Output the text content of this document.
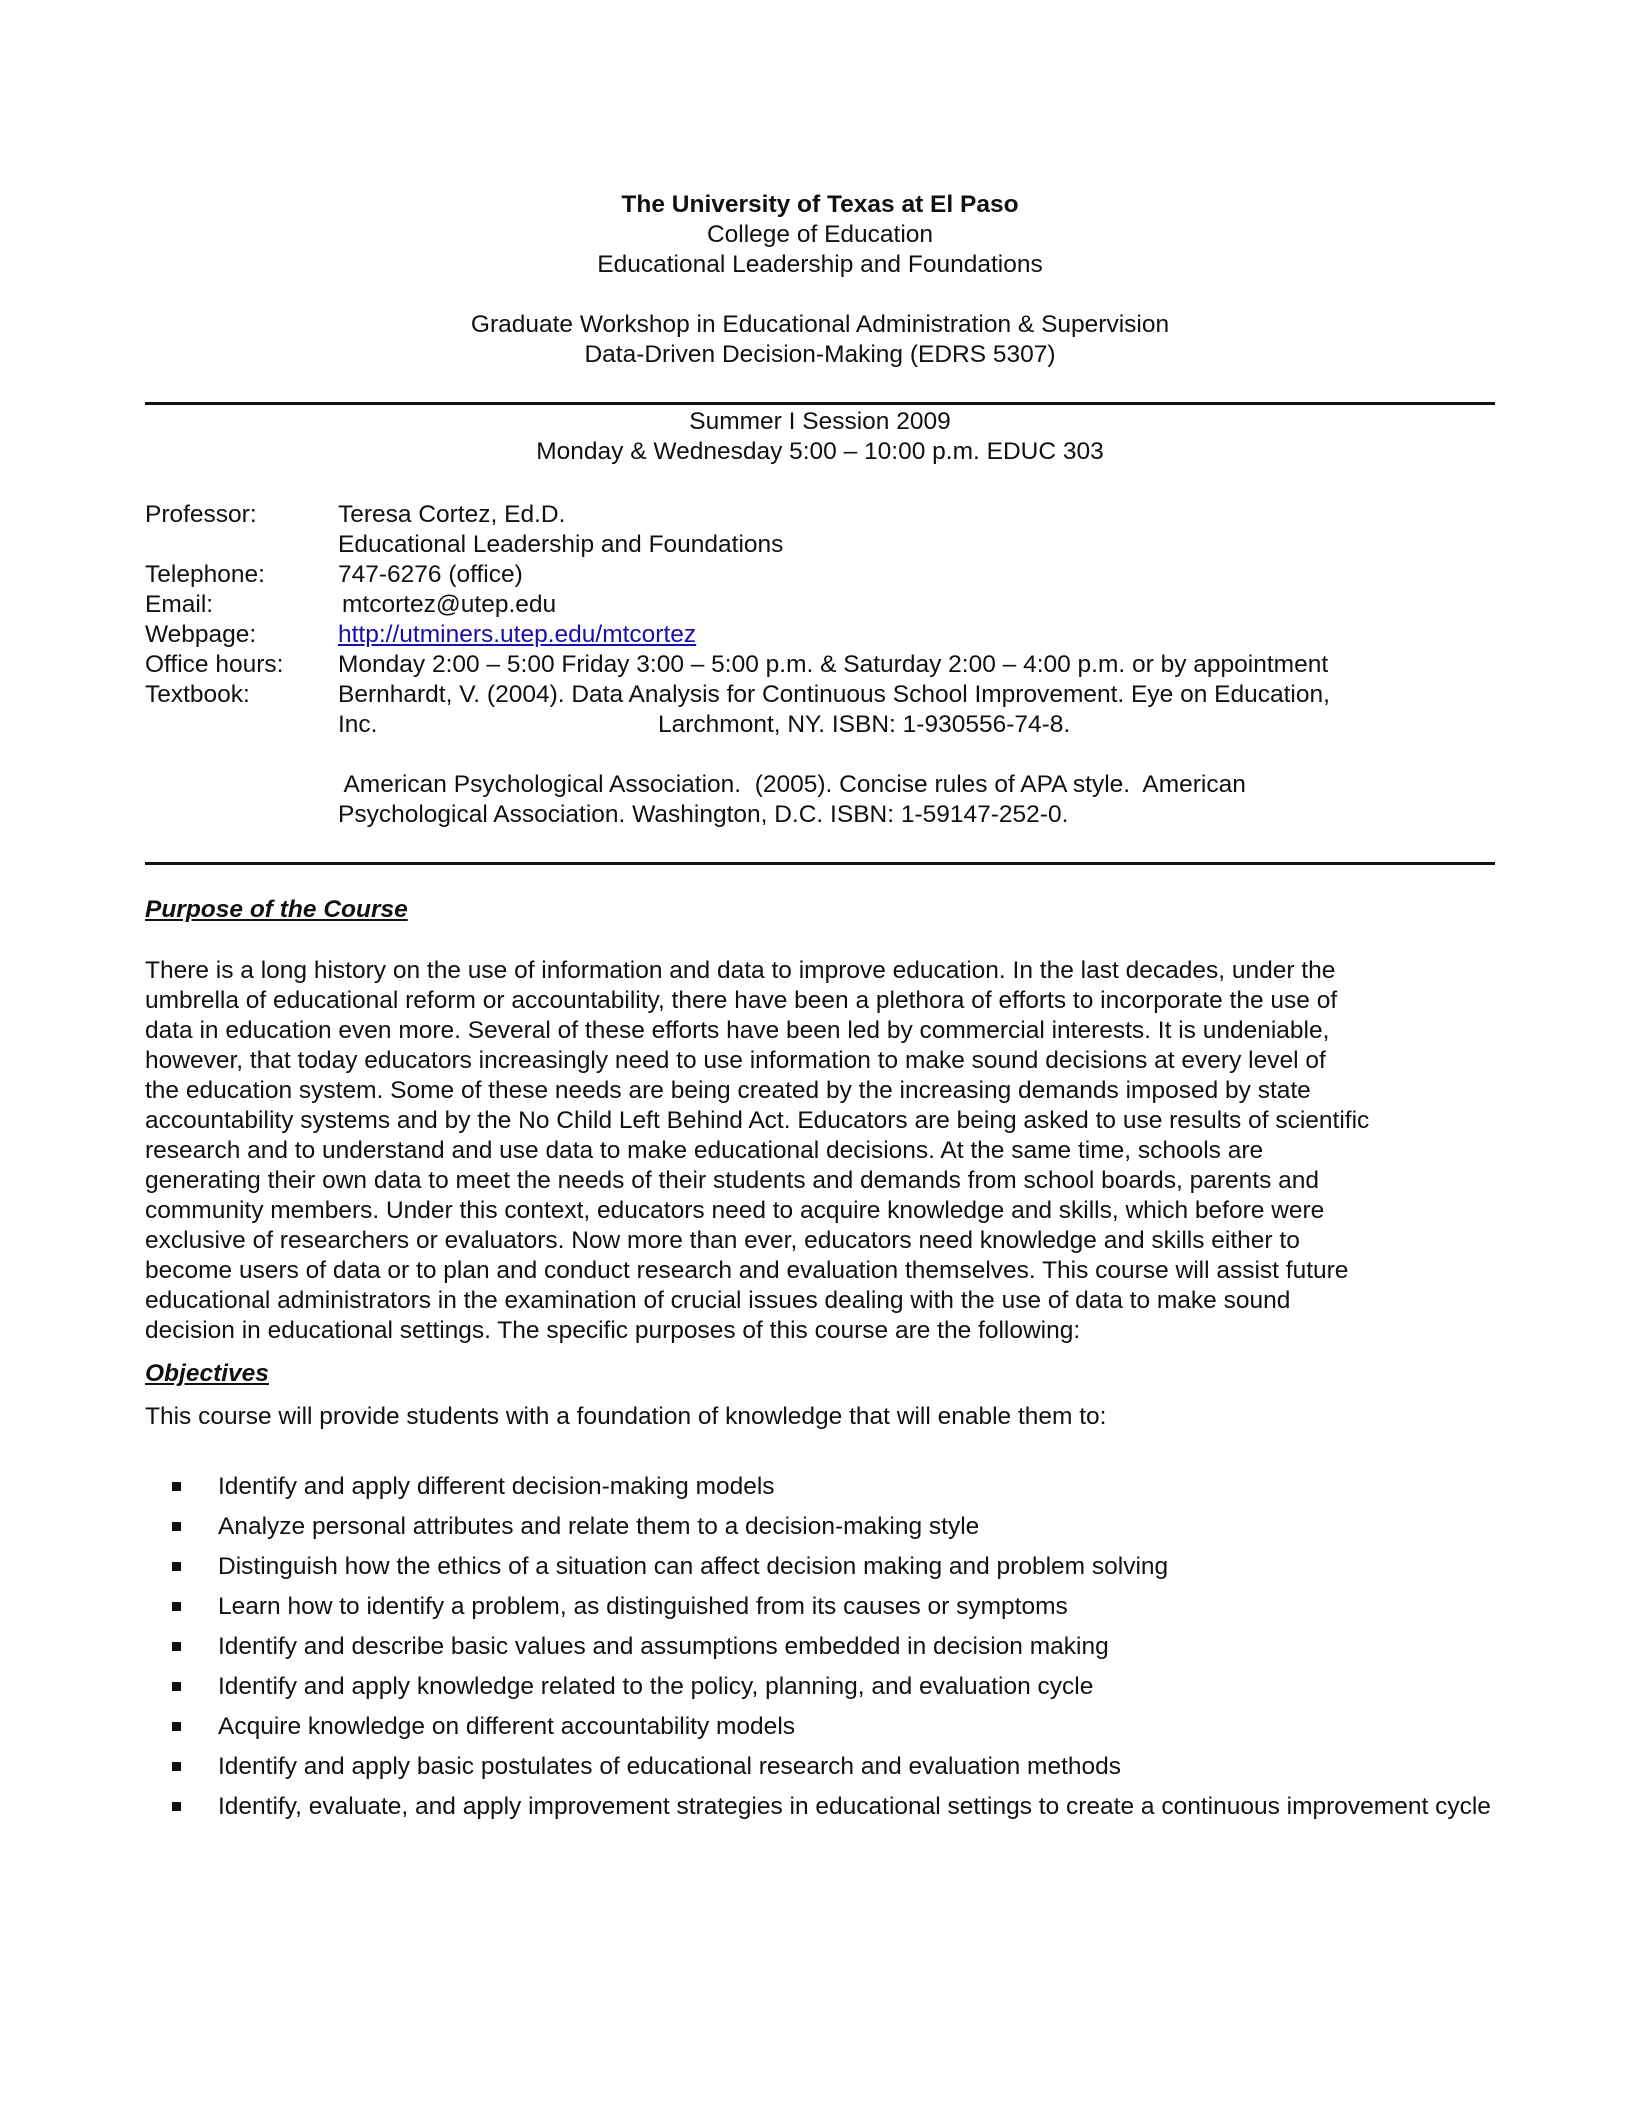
The University of Texas at El Paso
College of Education
Educational Leadership and Foundations
Graduate Workshop in Educational Administration & Supervision
Data-Driven Decision-Making (EDRS 5307)
Summer I Session 2009
Monday & Wednesday 5:00 – 10:00 p.m. EDUC 303
Professor:	Teresa Cortez, Ed.D.
Educational Leadership and Foundations
Telephone:	747-6276 (office)
Email:	mtcortez@utep.edu
Webpage:	http://utminers.utep.edu/mtcortez
Office hours: Monday 2:00 – 5:00 Friday 3:00 – 5:00 p.m. & Saturday 2:00 – 4:00 p.m. or by appointment
Textbook:	Bernhardt, V. (2004). Data Analysis for Continuous School Improvement. Eye on Education,
Inc.	Larchmont, NY. ISBN: 1-930556-74-8.
American Psychological Association.  (2005). Concise rules of APA style.  American
Psychological Association. Washington, D.C. ISBN: 1-59147-252-0.
Purpose of the Course
There is a long history on the use of information and data to improve education. In the last decades, under the
umbrella of educational reform or accountability, there have been a plethora of efforts to incorporate the use of
data in education even more. Several of these efforts have been led by commercial interests. It is undeniable,
however, that today educators increasingly need to use information to make sound decisions at every level of
the education system. Some of these needs are being created by the increasing demands imposed by state
accountability systems and by the No Child Left Behind Act. Educators are being asked to use results of scientific
research and to understand and use data to make educational decisions. At the same time, schools are
generating their own data to meet the needs of their students and demands from school boards, parents and
community members. Under this context, educators need to acquire knowledge and skills, which before were
exclusive of researchers or evaluators. Now more than ever, educators need knowledge and skills either to
become users of data or to plan and conduct research and evaluation themselves. This course will assist future
educational administrators in the examination of crucial issues dealing with the use of data to make sound
decision in educational settings. The specific purposes of this course are the following:
Objectives
This course will provide students with a foundation of knowledge that will enable them to:
Identify and apply different decision-making models
Analyze personal attributes and relate them to a decision-making style
Distinguish how the ethics of a situation can affect decision making and problem solving
Learn how to identify a problem, as distinguished from its causes or symptoms
Identify and describe basic values and assumptions embedded in decision making
Identify and apply knowledge related to the policy, planning, and evaluation cycle
Acquire knowledge on different accountability models
Identify and apply basic postulates of educational research and evaluation methods
Identify, evaluate, and apply improvement strategies in educational settings to create a continuous improvement cycle
